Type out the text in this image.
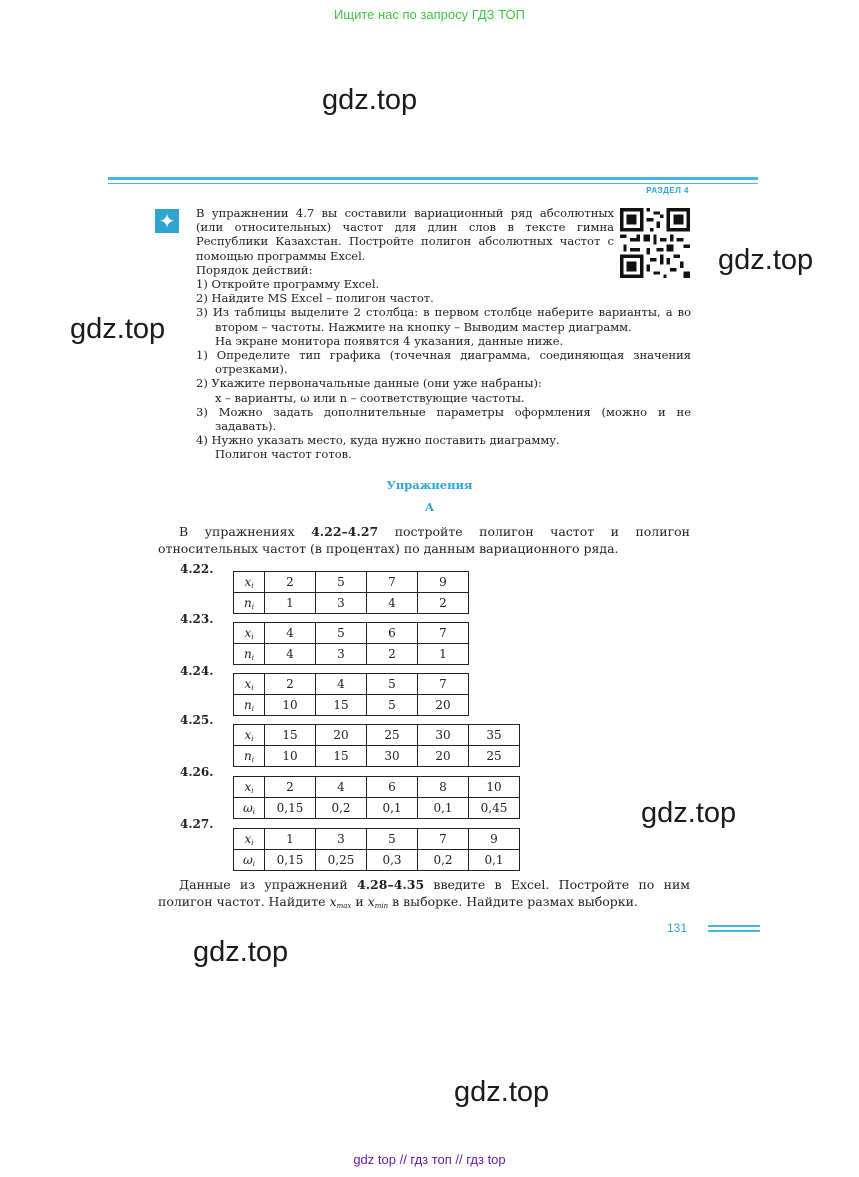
Ищите нас по запросу ГДЗ ТОП
gdz.top
gdz.top
gdz.top
gdz.top
gdz.top
gdz.top
РАЗДЕЛ 4
✦	В упражнении 4.7 вы составили вариационный ряд абсолютных (или относительных) частот для длин слов в тексте гимна Республики Казахстан. Постройте полигон абсолютных частот с помощью программы Excel.
Порядок действий:
1) Откройте программу Excel.
2) Найдите MS Excel – полигон частот.
3) Из таблицы выделите 2 столбца: в первом столбце наберите варианты, а во втором – частоты. Нажмите на кнопку – Выводим мастер диаграмм.
На экране монитора появятся 4 указания, данные ниже.
1) Определите тип графика (точечная диаграмма, соединяющая значения отрезками).
2) Укажите первоначальные данные (они уже набраны):
x – варианты, ω или n – соответствующие частоты.
3) Можно задать дополнительные параметры оформления (можно и не задавать).
4) Нужно указать место, куда нужно поставить диаграмму.
Полигон частот готов.
Упражнения
А
В упражнениях 4.22–4.27 постройте полигон частот и полигон относительных частот (в процентах) по данным вариационного ряда.
4.22.
xi	2	5	7	9
ni	1	3	4	2
4.23.
xi	4	5	6	7
ni	4	3	2	1
4.24.
xi	2	4	5	7
ni	10	15	5	20
4.25.
xi	15	20	25	30	35
ni	10	15	30	20	25
4.26.
xi	2	4	6	8	10
ωi	0,15	0,2	0,1	0,1	0,45
4.27.
xi	1	3	5	7	9
ωi	0,15	0,25	0,3	0,2	0,1
Данные из упражнений 4.28–4.35 введите в Excel. Постройте по ним полигон частот. Найдите xmax и xmin в выборке. Найдите размах выборки.
131
gdz top // гдз топ // гдз top
